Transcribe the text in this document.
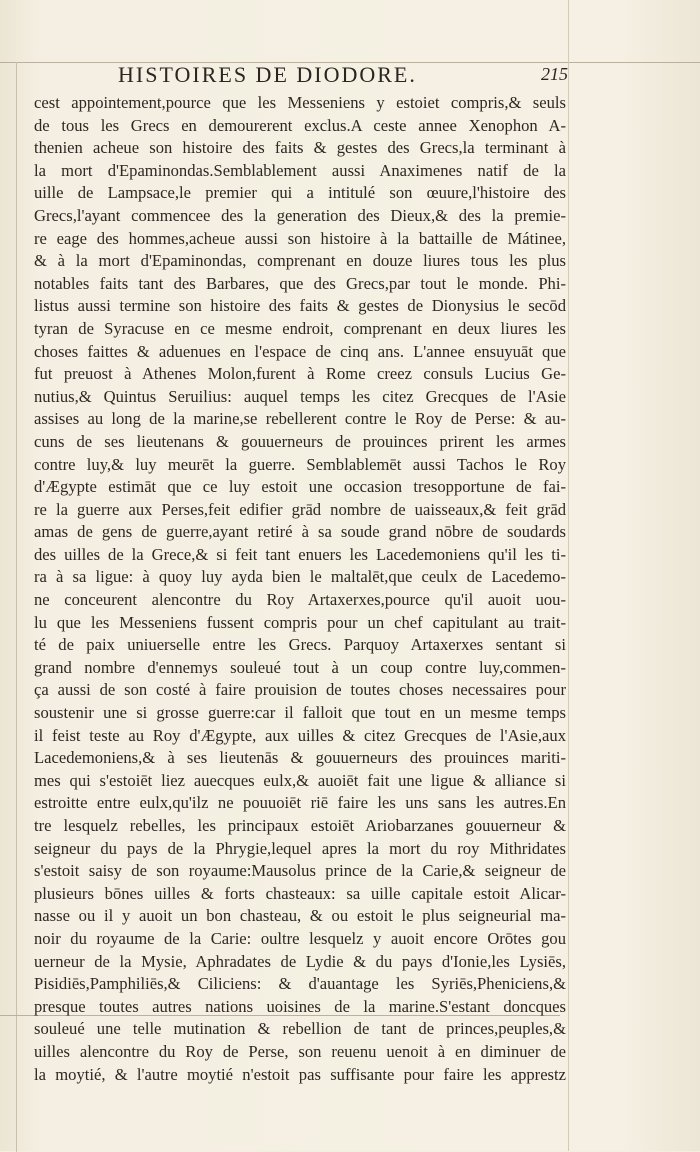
HISTOIRES DE DIODORE.	215
cest appointement,pource que les Messeniens y estoiet compris,& seuls
de tous les Grecs en demourerent exclus.A ceste annee Xenophon A-
thenien acheue son histoire des faits & gestes des Grecs,la terminant à
la mort d'Epaminondas.Semblablement aussi Anaximenes natif de la
uille de Lampsace,le premier qui a intitulé son œuure,l'histoire des
Grecs,l'ayant commencee des la generation des Dieux,& des la premie-
re eage des hommes,acheue aussi son histoire à la battaille de Mátinee,
& à la mort d'Epaminondas, comprenant en douze liures tous les plus
notables faits tant des Barbares, que des Grecs,par tout le monde. Phi-
listus aussi termine son histoire des faits & gestes de Dionysius le secōd
tyran de Syracuse en ce mesme endroit, comprenant en deux liures les
choses faittes & aduenues en l'espace de cinq ans. L'annee ensuyuāt que
fut preuost à Athenes Molon,furent à Rome creez consuls Lucius Ge-
nutius,& Quintus Seruilius: auquel temps les citez Grecques de l'Asie
assises au long de la marine,se rebellerent contre le Roy de Perse: & au-
cuns de ses lieutenans & gouuerneurs de prouinces prirent les armes
contre luy,& luy meurēt la guerre. Semblablemēt aussi Tachos le Roy
d'Ægypte estimāt que ce luy estoit une occasion tresopportune de fai-
re la guerre aux Perses,feit edifier grād nombre de uaisseaux,& feit grād
amas de gens de guerre,ayant retiré à sa soude grand nōbre de soudards
des uilles de la Grece,& si feit tant enuers les Lacedemoniens qu'il les ti-
ra à sa ligue: à quoy luy ayda bien le maltalēt,que ceulx de Lacedemo-
ne conceurent alencontre du Roy Artaxerxes,pource qu'il auoit uou-
lu que les Messeniens fussent compris pour un chef capitulant au trait-
té de paix uniuerselle entre les Grecs. Parquoy Artaxerxes sentant si
grand nombre d'ennemys souleué tout à un coup contre luy,commen-
ça aussi de son costé à faire prouision de toutes choses necessaires pour
soustenir une si grosse guerre:car il falloit que tout en un mesme temps
il feist teste au Roy d'Ægypte, aux uilles & citez Grecques de l'Asie,aux
Lacedemoniens,& à ses lieutenās & gouuerneurs des prouinces mariti-
mes qui s'estoiēt liez auecques eulx,& auoiēt fait une ligue & alliance si
estroitte entre eulx,qu'ilz ne pouuoiēt riē faire les uns sans les autres.En
tre lesquelz rebelles, les principaux estoiēt Ariobarzanes gouuerneur &
seigneur du pays de la Phrygie,lequel apres la mort du roy Mithridates
s'estoit saisy de son royaume:Mausolus prince de la Carie,& seigneur de
plusieurs bōnes uilles & forts chasteaux: sa uille capitale estoit Alicar-
nasse ou il y auoit un bon chasteau, & ou estoit le plus seigneurial ma-
noir du royaume de la Carie: oultre lesquelz y auoit encore Orōtes gou
uerneur de la Mysie, Aphradates de Lydie & du pays d'Ionie,les Lysiēs,
Pisidiēs,Pamphiliēs,& Ciliciens: & d'auantage les Syriēs,Pheniciens,&
presque toutes autres nations uoisines de la marine.S'estant doncques
souleué une telle mutination & rebellion de tant de princes,peuples,&
uilles alencontre du Roy de Perse, son reuenu uenoit à en diminuer de
la moytié, & l'autre moytié n'estoit pas suffisante pour faire les apprestz
